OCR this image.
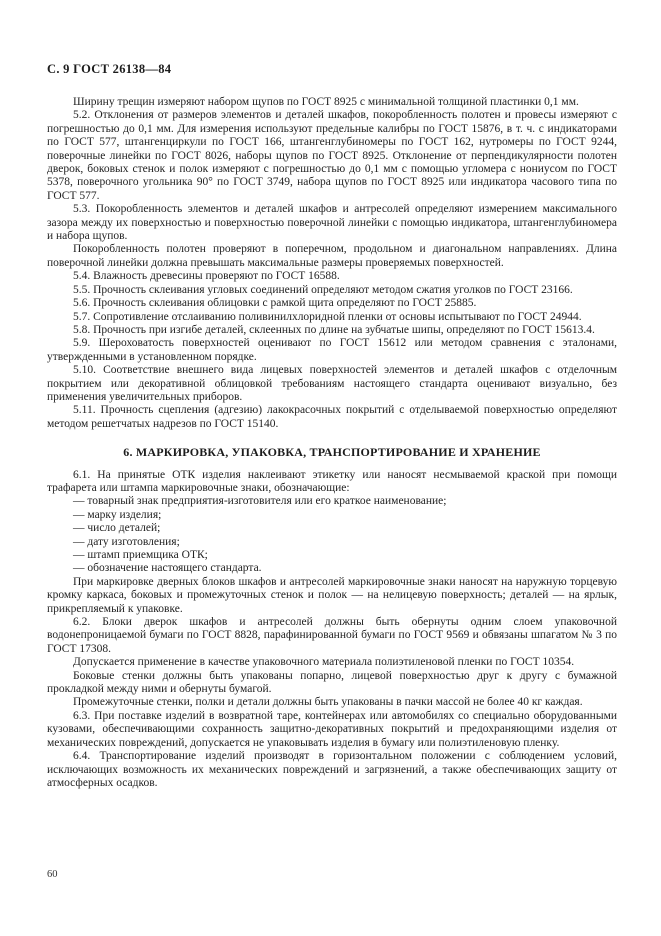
С. 9 ГОСТ 26138—84

Ширину трещин измеряют набором щупов по ГОСТ 8925 с минимальной толщиной пластинки 0,1 мм.

5.2. Отклонения от размеров элементов и деталей шкафов, покоробленность полотен и провесы измеряют с погрешностью до 0,1 мм. Для измерения используют предельные калибры по ГОСТ 15876, в т. ч. с индикаторами по ГОСТ 577, штангенциркули по ГОСТ 166, штангенглубиномеры по ГОСТ 162, нутромеры по ГОСТ 9244, поверочные линейки по ГОСТ 8026, наборы щупов по ГОСТ 8925. Отклонение от перпендикулярности полотен дверок, боковых стенок и полок измеряют с погрешностью до 0,1 мм с помощью угломера с нониусом по ГОСТ 5378, поверочного угольника 90° по ГОСТ 3749, набора щупов по ГОСТ 8925 или индикатора часового типа по ГОСТ 577.

5.3. Покоробленность элементов и деталей шкафов и антресолей определяют измерением максимального зазора между их поверхностью и поверхностью поверочной линейки с помощью индикатора, штангенглубиномера и набора щупов.

Покоробленность полотен проверяют в поперечном, продольном и диагональном направлениях. Длина поверочной линейки должна превышать максимальные размеры проверяемых поверхностей.

5.4. Влажность древесины проверяют по ГОСТ 16588.

5.5. Прочность склеивания угловых соединений определяют методом сжатия уголков по ГОСТ 23166.

5.6. Прочность склеивания облицовки с рамкой щита определяют по ГОСТ 25885.

5.7. Сопротивление отслаиванию поливинилхлоридной пленки от основы испытывают по ГОСТ 24944.

5.8. Прочность при изгибе деталей, склеенных по длине на зубчатые шипы, определяют по ГОСТ 15613.4.

5.9. Шероховатость поверхностей оценивают по ГОСТ 15612 или методом сравнения с эталонами, утвержденными в установленном порядке.

5.10. Соответствие внешнего вида лицевых поверхностей элементов и деталей шкафов с отделочным покрытием или декоративной облицовкой требованиям настоящего стандарта оценивают визуально, без применения увеличительных приборов.

5.11. Прочность сцепления (адгезию) лакокрасочных покрытий с отделываемой поверхностью определяют методом решетчатых надрезов по ГОСТ 15140.

6. МАРКИРОВКА, УПАКОВКА, ТРАНСПОРТИРОВАНИЕ И ХРАНЕНИЕ

6.1. На принятые ОТК изделия наклеивают этикетку или наносят несмываемой краской при помощи трафарета или штампа маркировочные знаки, обозначающие:

— товарный знак предприятия-изготовителя или его краткое наименование;

— марку изделия;

— число деталей;

— дату изготовления;

— штамп приемщика ОТК;

— обозначение настоящего стандарта.

При маркировке дверных блоков шкафов и антресолей маркировочные знаки наносят на наружную торцевую кромку каркаса, боковых и промежуточных стенок и полок — на нелицевую поверхность; деталей — на ярлык, прикрепляемый к упаковке.

6.2. Блоки дверок шкафов и антресолей должны быть обернуты одним слоем упаковочной водонепроницаемой бумаги по ГОСТ 8828, парафинированной бумаги по ГОСТ 9569 и обвязаны шпагатом № 3 по ГОСТ 17308.

Допускается применение в качестве упаковочного материала полиэтиленовой пленки по ГОСТ 10354.

Боковые стенки должны быть упакованы попарно, лицевой поверхностью друг к другу с бумажной прокладкой между ними и обернуты бумагой.

Промежуточные стенки, полки и детали должны быть упакованы в пачки массой не более 40 кг каждая.

6.3. При поставке изделий в возвратной таре, контейнерах или автомобилях со специально оборудованными кузовами, обеспечивающими сохранность защитно-декоративных покрытий и предохраняющими изделия от механических повреждений, допускается не упаковывать изделия в бумагу или полиэтиленовую пленку.

6.4. Транспортирование изделий производят в горизонтальном положении с соблюдением условий, исключающих возможность их механических повреждений и загрязнений, а также обеспечивающих защиту от атмосферных осадков.

60
